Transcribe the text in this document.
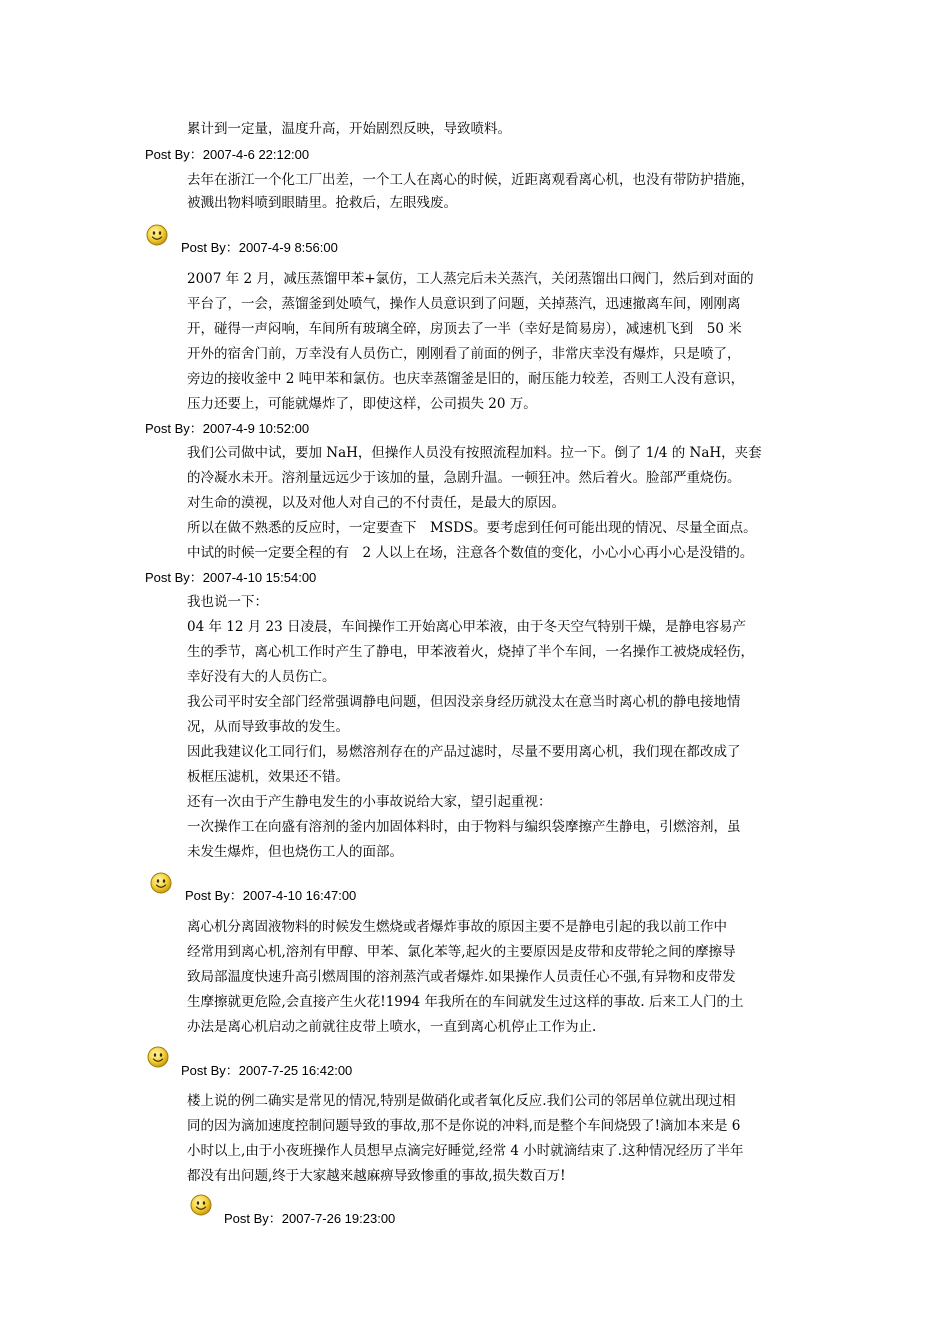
累计到一定量，温度升高，开始剧烈反映，导致喷料。
Post By：2007-4-6 22:12:00
去年在浙江一个化工厂出差，一个工人在离心的时候，近距离观看离心机，也没有带防护措施，
被溅出物料喷到眼睛里。抢救后，左眼残废。
Post By：2007-4-9 8:56:00
2007 年 2 月，减压蒸馏甲苯+氯仿，工人蒸完后未关蒸汽，关闭蒸馏出口阀门，然后到对面的
平台了，一会，蒸馏釜到处喷气，操作人员意识到了问题，关掉蒸汽，迅速撤离车间，刚刚离
开，碰得一声闷响，车间所有玻璃全碎，房顶去了一半（幸好是简易房），减速机飞到　50 米
开外的宿舍门前，万幸没有人员伤亡，刚刚看了前面的例子，非常庆幸没有爆炸，只是喷了，
旁边的接收釜中 2 吨甲苯和氯仿。也庆幸蒸馏釜是旧的，耐压能力较差，否则工人没有意识，
压力还要上，可能就爆炸了，即使这样，公司损失 20 万。
Post By：2007-4-9 10:52:00
我们公司做中试，要加 NaH，但操作人员没有按照流程加料。拉一下。倒了 1/4 的 NaH，夹套
的冷凝水未开。溶剂量远远少于该加的量，急剧升温。一顿狂冲。然后着火。脸部严重烧伤。
对生命的漠视，以及对他人对自己的不付责任，是最大的原因。
所以在做不熟悉的反应时，一定要查下　MSDS。要考虑到任何可能出现的情况、尽量全面点。
中试的时候一定要全程的有　2 人以上在场，注意各个数值的变化，小心小心再小心是没错的。
Post By：2007-4-10 15:54:00
我也说一下：
04 年 12 月 23 日凌晨，车间操作工开始离心甲苯液，由于冬天空气特别干燥，是静电容易产
生的季节，离心机工作时产生了静电，甲苯液着火，烧掉了半个车间，一名操作工被烧成轻伤，
幸好没有大的人员伤亡。
我公司平时安全部门经常强调静电问题，但因没亲身经历就没太在意当时离心机的静电接地情
况，从而导致事故的发生。
因此我建议化工同行们，易燃溶剂存在的产品过滤时，尽量不要用离心机，我们现在都改成了
板框压滤机，效果还不错。
还有一次由于产生静电发生的小事故说给大家，望引起重视：
一次操作工在向盛有溶剂的釜内加固体料时，由于物料与编织袋摩擦产生静电，引燃溶剂，虽
未发生爆炸，但也烧伤工人的面部。
Post By：2007-4-10 16:47:00
离心机分离固液物料的时候发生燃烧或者爆炸事故的原因主要不是静电引起的我以前工作中
经常用到离心机,溶剂有甲醇、甲苯、氯化苯等,起火的主要原因是皮带和皮带轮之间的摩擦导
致局部温度快速升高引燃周围的溶剂蒸汽或者爆炸.如果操作人员责任心不强,有异物和皮带发
生摩擦就更危险,会直接产生火花!1994 年我所在的车间就发生过这样的事故. 后来工人门的土
办法是离心机启动之前就往皮带上喷水，一直到离心机停止工作为止.
Post By：2007-7-25 16:42:00
楼上说的例二确实是常见的情况,特别是做硝化或者氧化反应.我们公司的邻居单位就出现过相
同的因为滴加速度控制问题导致的事故,那不是你说的冲料,而是整个车间烧毁了!滴加本来是 6
小时以上,由于小夜班操作人员想早点滴完好睡觉,经常 4 小时就滴结束了.这种情况经历了半年
都没有出问题,终于大家越来越麻痹导致惨重的事故,损失数百万!
Post By：2007-7-26 19:23:00
